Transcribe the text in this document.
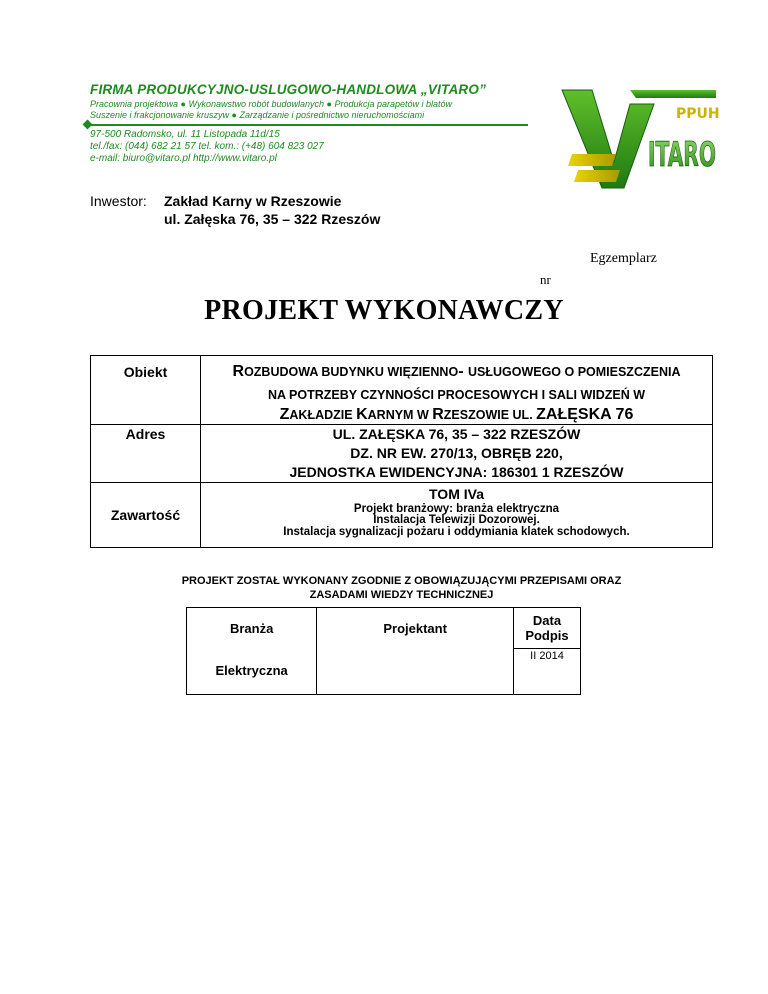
FIRMA PRODUKCYJNO-USLUGOWO-HANDLOWA „VITARO”
Pracownia projektowa ● Wykonawstwo robót budowlanych ● Produkcja parapetów i blatów
Suszenie i frakcjonowanie kruszyw ● Zarządzanie i pośrednictwo nieruchomościami
97-500 Radomsko, ul. 11 Listopada 11d/15
tel./fax: (044) 682 21 57 tel. kom.: (+48) 604 823 027
e-mail: biuro@vitaro.pl http://www.vitaro.pl
PPUH
ITARO
Inwestor: Zakład Karny w Rzeszowie
ul. Załęska 76, 35 – 322 Rzeszów
Egzemplarz
nr
PROJEKT WYKONAWCZY
Obiekt	ROZBUDOWA BUDYNKU WIĘZIENNO- USŁUGOWEGO O POMIESZCZENIA
NA POTRZEBY CZYNNOŚCI PROCESOWYCH I SALI WIDZEŃ W
ZAKŁADZIE KARNYM W RZESZOWIE UL. ZAŁĘSKA 76

Adres	UL. ZAŁĘSKA 76, 35 – 322 RZESZÓW
DZ. NR EW. 270/13, OBRĘB 220,
JEDNOSTKA EWIDENCYJNA: 186301 1 RZESZÓW

Zawartość	TOM IVa
Projekt branżowy: branża elektryczna
Instalacja Telewizji Dozorowej.
Instalacja sygnalizacji pożaru i oddymiania klatek schodowych.
PROJEKT ZOSTAŁ WYKONANY ZGODNIE Z OBOWIĄZUJĄCYMI PRZEPISAMI ORAZ
ZASADAMI WIEDZY TECHNICZNEJ
Branża	Projektant	Data
Podpis

Elektryczna		II 2014
